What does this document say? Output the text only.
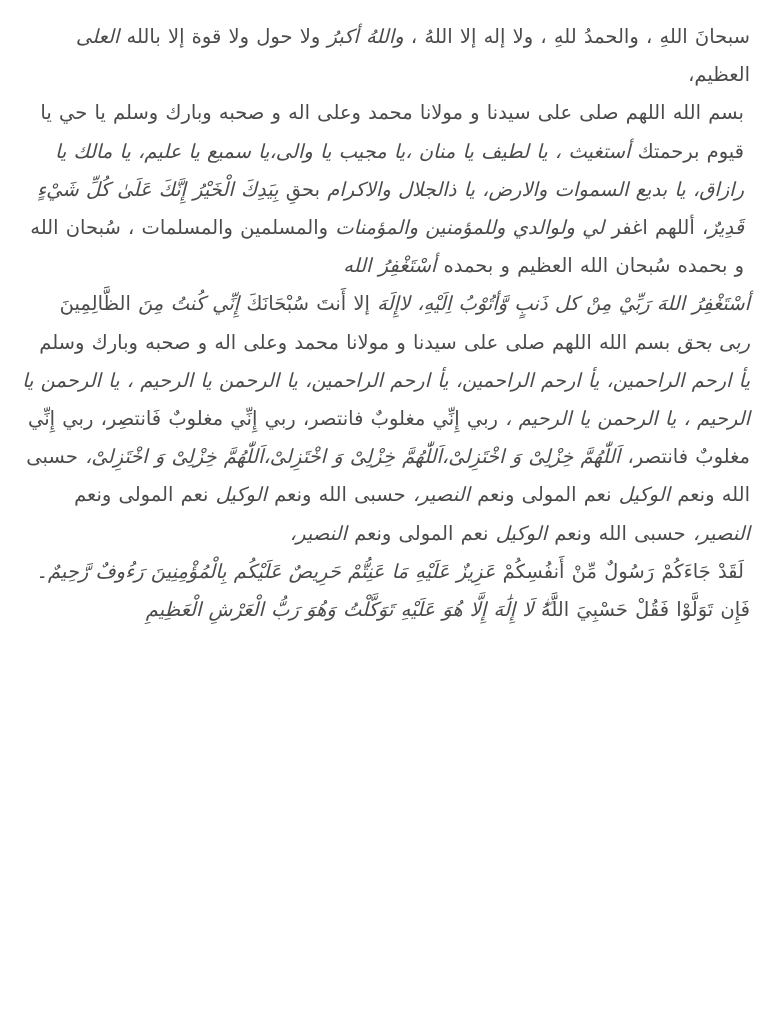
سبحانَ اللهِ ، والحمدُ للهِ ، ولا إله إلا اللهُ ، واللهُ أكبرُ ولا حول ولا قوة إلا بالله العلى العظيم،

بسم الله اللهم صلى على سيدنا و مولانا محمد وعلى اله و صحبه وبارك وسلم يا حي يا قيوم برحمتك أستغيث ، يا لطيف يا منان ،يا مجيب يا والى،يا سميع يا عليم، يا مالك يا رازاق، يا بديع السموات والارض، يا ذالجلال والاكرام بحقِ بِيَدِكَ الْخَيْرُ إِنَّكَ عَلَىٰ كُلِّ شَيْءٍ قَدِيرٌ، أللهم اغفر لي ولوالدي وللمؤمنين والمؤمنات والمسلمين والمسلمات ، سُبحان الله و بحمده سُبحان الله العظيم و بحمده أسْتَغْفِرُ الله

أسْتَغْفِرُ اللهَ رَبِّيْ مِنْ كل ذَنبٍ وَّأتُوْبُ اِلَيْهِ، لاإِلَهَ إلا أَنتَ سُبْحَانَكَ إِنِّي كُنتُ مِنَ الظَّالِمِينَ

ربى بحق بسم الله اللهم صلى على سيدنا و مولانا محمد وعلى اله و صحبه وبارك وسلم يأ ارحم الراحمين، يأ ارحم الراحمين، يأ ارحم الراحمين، يا الرحمن يا الرحيم ، يا الرحمن يا الرحيم ، يا الرحمن يا الرحيم ، ربي إِنِّي مغلوبٌ فانتصر، ربي إِنِّي مغلوبٌ فَانتصِر، ربي إِنِّي مغلوبٌ فانتصر، اَللّٰهُمَّ خِزْلِىْ وَ اخْتَزِلىْ،اَللّٰهُمَّ خِزْلِىْ وَ اخْتَزِلىْ،اَللّٰهُمَّ خِزْلِىْ وَ اخْتَزِلىْ، حسبى الله ونعم الوكيل نعم المولى ونعم النصير، حسبى الله ونعم الوكيل نعم المولى ونعم النصير، حسبى الله ونعم الوكيل نعم المولى ونعم النصير،

لَقَدْ جَاءَكُمْ رَسُولٌ مِّنْ أَنفُسِكُمْ عَزِيزٌ عَلَيْهِ مَا عَنِتُّمْ حَرِيصٌ عَلَيْكُم بِالْمُؤْمِنِينَ رَءُوفٌ رَّحِيمٌ۔

فَإِن تَوَلَّوْا فَقُلْ حَسْبِيَ اللَّهُۖ لَا إِلَٰهَ إِلَّا هُوَ عَلَيْهِ تَوَكَّلْتُ وَهُوَ رَبُّ الْعَرْشِ الْعَظِيمِ
